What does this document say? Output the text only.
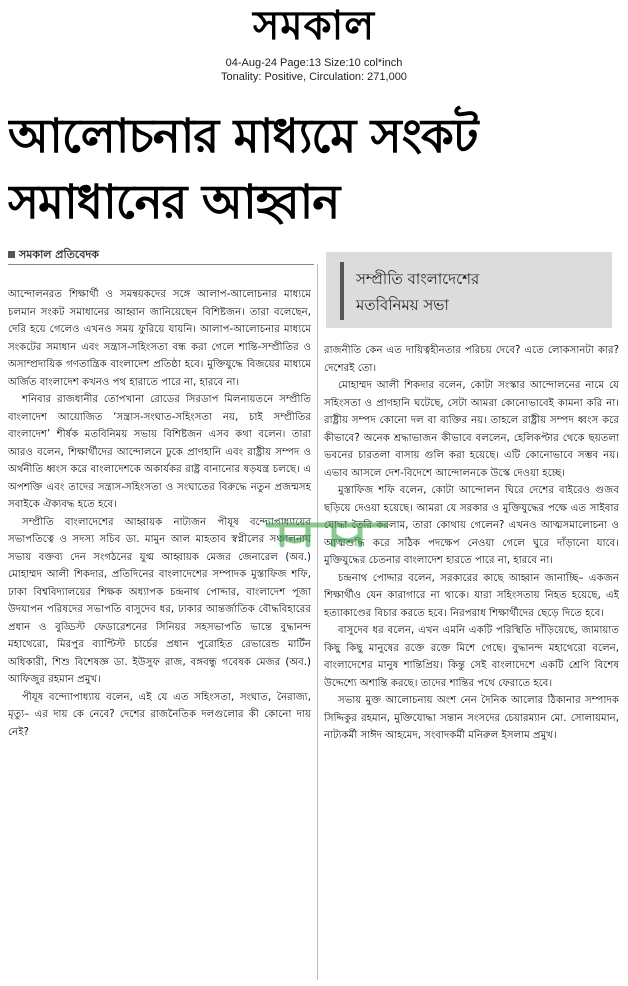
সমকাল
04-Aug-24 Page:13 Size:10 col*inch
Tonality: Positive, Circulation: 271,000
আলোচনার মাধ্যমে সংকট
সমাধানের আহ্বান
সমকাল প্রতিবেদক
সম্প্রীতি বাংলাদেশের
মতবিনিময় সভা

আন্দোলনরত শিক্ষার্থী ও সমন্বয়কদের সঙ্গে আলাপ-আলোচনার মাধ্যমে চলমান সংকট সমাধানের আহ্বান জানিয়েছেন বিশিষ্টজন। তারা বলেছেন, দেরি হয়ে গেলেও এখনও সময় ফুরিয়ে যায়নি। আলাপ-আলোচনার মাধ্যমে সংকটের সমাধান এবং সন্ত্রাস-সহিংসতা বন্ধ করা গেলে শান্তি-সম্প্রীতির ও অসাম্প্রদায়িক গণতান্ত্রিক বাংলাদেশ প্রতিষ্ঠা হবে। মুক্তিযুদ্ধে বিজয়ের মাধ্যমে অর্জিত বাংলাদেশ কখনও পথ হারাতে পারে না, হারবে না।

শনিবার রাজধানীর তোপখানা রোডের সিরডাপ মিলনায়তনে সম্প্রীতি বাংলাদেশ আয়োজিত ‘সন্ত্রাস-সংঘাত-সহিংসতা নয়, চাই সম্প্রীতির বাংলাদেশ’ শীর্ষক মতবিনিময় সভায় বিশিষ্টজন এসব কথা বলেন। তারা আরও বলেন, শিক্ষার্থীদের আন্দোলনে ঢুকে প্রাণহানি এবং রাষ্ট্রীয় সম্পদ ও অর্থনীতি ধ্বংস করে বাংলাদেশকে অকার্যকর রাষ্ট্র বানানোর ষড়যন্ত্র চলছে। এ অপশক্তি এবং তাদের সন্ত্রাস-সহিংসতা ও সংঘাতের বিরুদ্ধে নতুন প্রজন্মসহ সবাইকে ঐক্যবদ্ধ হতে হবে।

সম্প্রীতি বাংলাদেশের আহ্বায়ক নাট্যজন পীযূষ বন্দ্যোপাধ্যায়ের সভাপতিত্বে ও সদস্য সচিব ডা. মামুন আল মাহতাব স্বপ্নীলের সঞ্চালনায় সভায় বক্তব্য দেন সংগঠনের যুগ্ম আহ্বায়ক মেজর জেনারেল (অব.) মোহাম্মদ আলী শিকদার, প্রতিদিনের বাংলাদেশের সম্পাদক মুস্তাফিজ শফি, ঢাকা বিশ্ববিদ্যালয়ের শিক্ষক অধ্যাপক চন্দ্রনাথ পোদ্দার, বাংলাদেশ পূজা উদযাপন পরিষদের সভাপতি বাসুদেব ধর, ঢাকার আন্তর্জাতিক বৌদ্ধবিহারের প্রধান ও বুড্ডিস্ট ফেডারেশনের সিনিয়র সহসভাপতি ভান্তে বুদ্ধানন্দ মহাথেরো, মিরপুর ব্যাপ্টিস্ট চার্চের প্রধান পুরোহিত রেভারেন্ড মার্টিন অধিকারী, শিশু বিশেষজ্ঞ ডা. ইউসুফ রাজ, বঙ্গবন্ধু গবেষক মেজর (অব.) আফিজুর রহমান প্রমুখ।

পীযূষ বন্দ্যোপাধ্যায় বলেন, এই যে এত সহিংসতা, সংঘাত, নৈরাজ্য, মৃত্যু– এর দায় কে নেবে? দেশের রাজনৈতিক দলগুলোর কী কোনো দায় নেই?

রাজনীতি কেন এত দায়িত্বহীনতার পরিচয় দেবে? এতে লোকসানটা কার? দেশেরই তো।

মোহাম্মদ আলী শিকদার বলেন, কোটা সংস্কার আন্দোলনের নামে যে সহিংসতা ও প্রাণহানি ঘটেছে, সেটা আমরা কোনোভাবেই কামনা করি না। রাষ্ট্রীয় সম্পদ কোনো দল বা ব্যক্তির নয়। তাহলে রাষ্ট্রীয় সম্পদ ধ্বংস করে কীভাবে? অনেক শ্রদ্ধাভাজন কীভাবে বললেন, হেলিকপ্টার থেকে ছয়তলা ভবনের চারতলা বাসায় গুলি করা হয়েছে। এটি কোনোভাবে সম্ভব নয়। এভাব আসলে দেশ-বিদেশে আন্দোলনকে উস্কে দেওয়া হচ্ছে।

মুস্তাফিজ শফি বলেন, কোটা আন্দোলন ঘিরে দেশের বাইরেও গুজব ছড়িয়ে দেওয়া হয়েছে। আমরা যে সরকার ও মুক্তিযুদ্ধের পক্ষে এত সাইবার যোদ্ধা তৈরি করলাম, তারা কোথায় গেলেন? এখনও আত্মসমালোচনা ও আত্মশুদ্ধি করে সঠিক পদক্ষেপ নেওয়া গেলে ঘুরে দাঁড়ানো যাবে। মুক্তিযুদ্ধের চেতনার বাংলাদেশ হারতে পারে না, হারবে না।

চন্দ্রনাথ পোদ্দার বলেন, সরকারের কাছে আহ্বান জানাচ্ছি– একজন শিক্ষার্থীও যেন কারাগারে না থাকে। যারা সহিংসতায় নিহত হয়েছে, এই হত্যাকাণ্ডের বিচার করতে হবে। নিরপরাধ শিক্ষার্থীদের ছেড়ে দিতে হবে।

বাসুদেব ধর বলেন, এখন এমনি একটি পরিস্থিতি দাঁড়িয়েছে, জামায়াত কিছু কিছু মানুষের রক্তে রক্তে মিশে গেছে। বুদ্ধানন্দ মহাথেরো বলেন, বাংলাদেশের মানুষ শান্তিপ্রিয়। কিন্তু সেই বাংলাদেশে একটি শ্রেণি বিশেষ উদ্দেশ্যে অশান্তি করছে। তাদের শান্তির পথে ফেরাতে হবে।

সভায় মুক্ত আলোচনায় অংশ নেন দৈনিক আলোর ঠিকানার সম্পাদক সিদ্দিকুর রহমান, মুক্তিযোদ্ধা সন্তান সংসদের চেয়ারম্যান মো. সোলায়মান, নাট্যকর্মী সাঈদ আহমেদ, সংবাদকর্মী মনিরুল ইসলাম প্রমুখ।
